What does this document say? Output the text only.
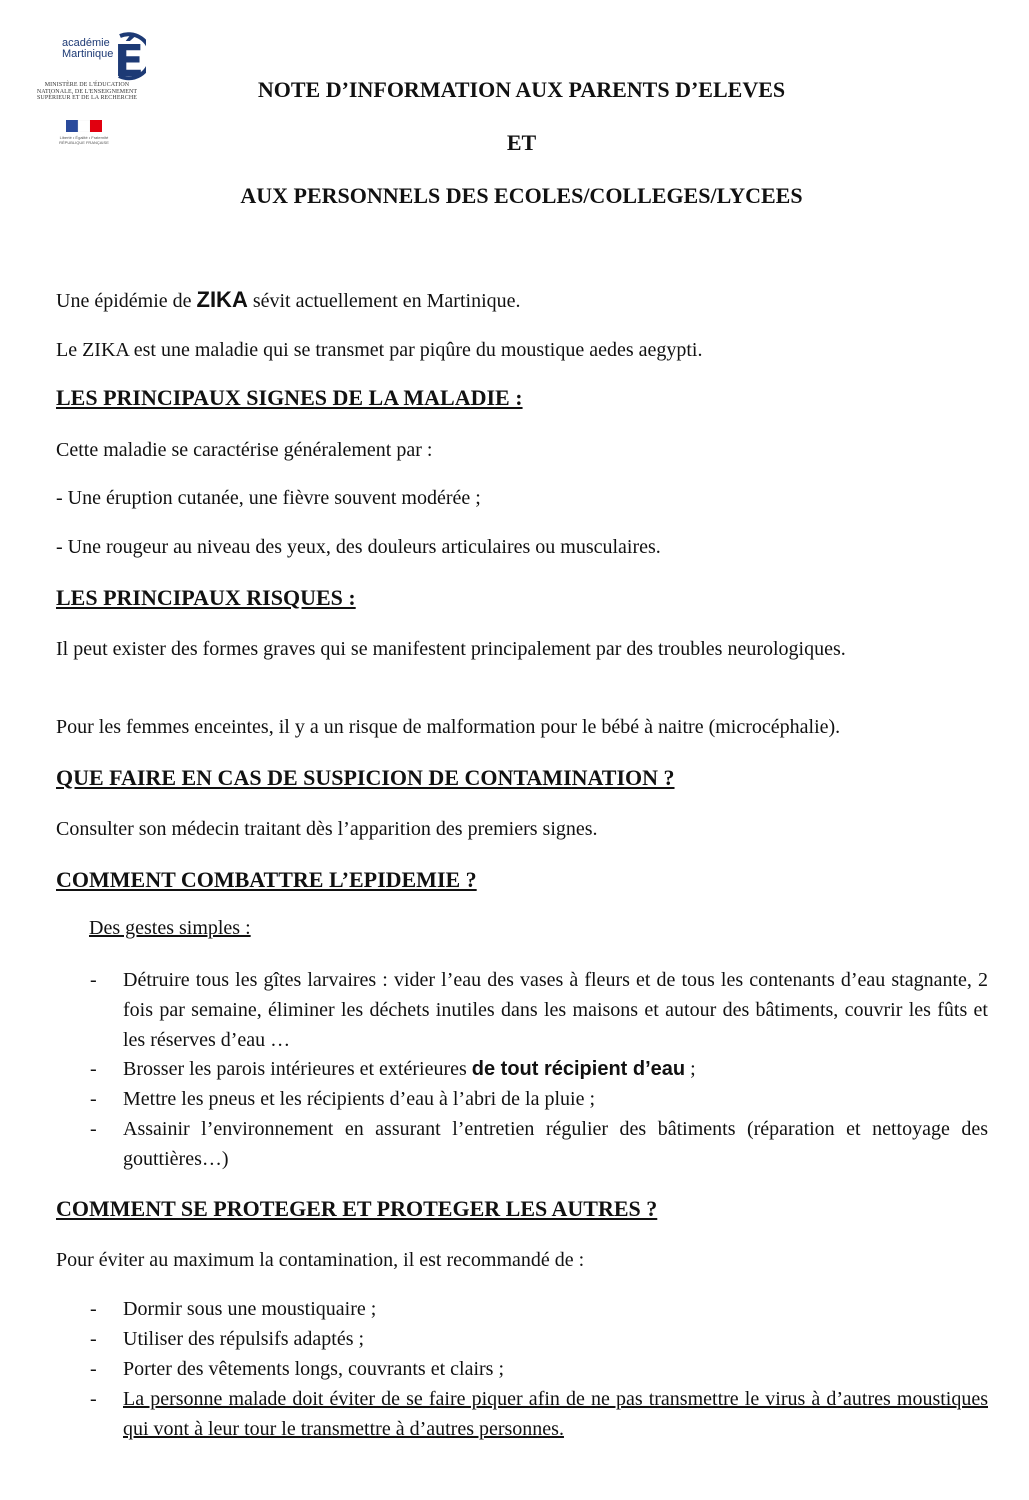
É
académie
Martinique
MINISTÈRE DE L'ÉDUCATION NATIONALE, DE L'ENSEIGNEMENT SUPÉRIEUR ET DE LA RECHERCHE
Liberté • Égalité • Fraternité RÉPUBLIQUE FRANÇAISE
NOTE D’INFORMATION AUX PARENTS D’ELEVES
ET
AUX PERSONNELS DES ECOLES/COLLEGES/LYCEES
Une épidémie de ZIKA sévit actuellement en Martinique.
Le ZIKA est une maladie qui se transmet par piqûre du moustique aedes aegypti.
LES PRINCIPAUX SIGNES DE LA MALADIE :
Cette maladie se caractérise généralement par :
- Une éruption cutanée, une fièvre souvent modérée ;
- Une rougeur au niveau des yeux, des douleurs articulaires ou musculaires.
LES PRINCIPAUX RISQUES :
Il peut exister des formes graves qui se manifestent principalement par des troubles neurologiques.
Pour les femmes enceintes, il y a un risque de malformation pour le bébé à naitre (microcéphalie).
QUE FAIRE EN CAS DE SUSPICION DE CONTAMINATION ?
Consulter son médecin traitant dès l’apparition des premiers signes.
COMMENT COMBATTRE L’EPIDEMIE ?
Des gestes simples :
- Détruire tous les gîtes larvaires : vider l’eau des vases à fleurs et de tous les contenants d’eau stagnante, 2 fois par semaine, éliminer les déchets inutiles dans les maisons et autour des bâtiments, couvrir les fûts et les réserves d’eau …
- Brosser les parois intérieures et extérieures de tout récipient d’eau ;
- Mettre les pneus et les récipients d’eau à l’abri de la pluie ;
- Assainir l’environnement en assurant l’entretien régulier des bâtiments (réparation et nettoyage des gouttières…)
COMMENT SE PROTEGER ET PROTEGER LES AUTRES ?
Pour éviter au maximum la contamination, il est recommandé de :
- Dormir sous une moustiquaire ;
- Utiliser des répulsifs adaptés ;
- Porter des vêtements longs, couvrants et clairs ;
- La personne malade doit éviter de se faire piquer afin de ne pas transmettre le virus à d’autres moustiques qui vont à leur tour le transmettre à d’autres personnes.
